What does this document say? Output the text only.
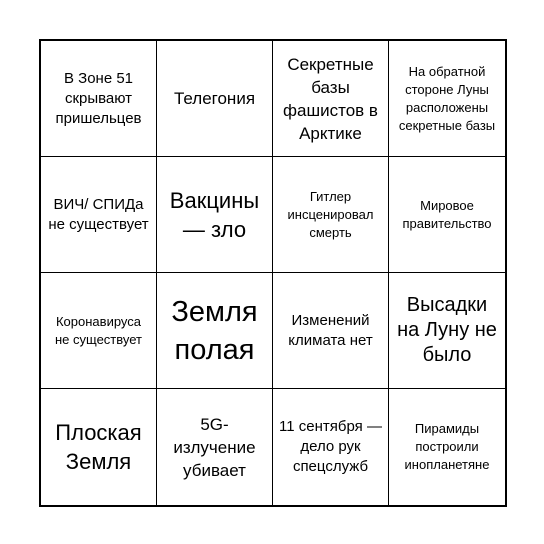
В Зоне 51 скрывают пришельцев
Телегония
Секретные базы фашистов в Арктике
На обратной стороне Луны расположены секретные базы
ВИЧ/ СПИДа не существует
Вакцины — зло
Гитлер инсценировал смерть
Мировое правительство
Коронавируса не существует
Земля полая
Изменений климата нет
Высадки на Луну не было
Плоская Земля
5G-излучение убивает
11 сентября — дело рук спецслужб
Пирамиды построили инопланетяне
